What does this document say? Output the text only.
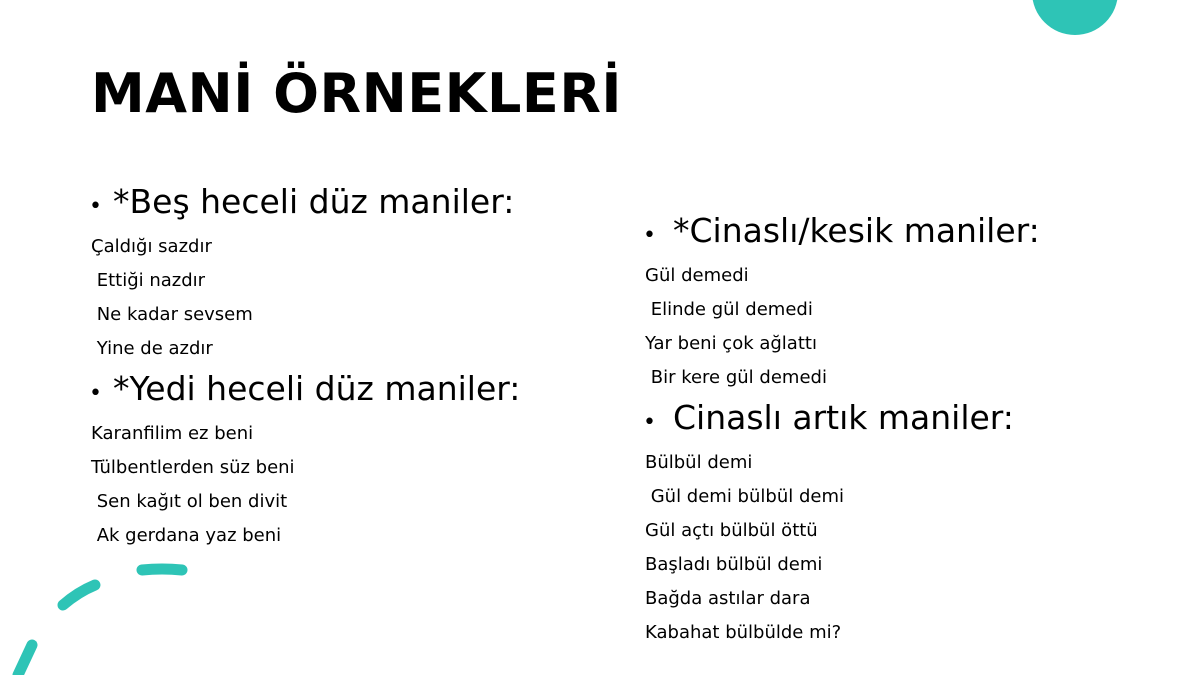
MANİ ÖRNEKLERİ
• *Beş heceli düz maniler:
Çaldığı sazdır
Ettiği nazdır
Ne kadar sevsem
Yine de azdır
• *Yedi heceli düz maniler:
Karanfilim ez beni
Tülbentlerden süz beni
Sen kağıt ol ben divit
Ak gerdana yaz beni
• *Cinaslı/kesik maniler:
Gül demedi
Elinde gül demedi
Yar beni çok ağlattı
Bir kere gül demedi
• Cinaslı artık maniler:
Bülbül demi
Gül demi bülbül demi
Gül açtı bülbül öttü
Başladı bülbül demi
Bağda astılar dara
Kabahat bülbülde mi?
